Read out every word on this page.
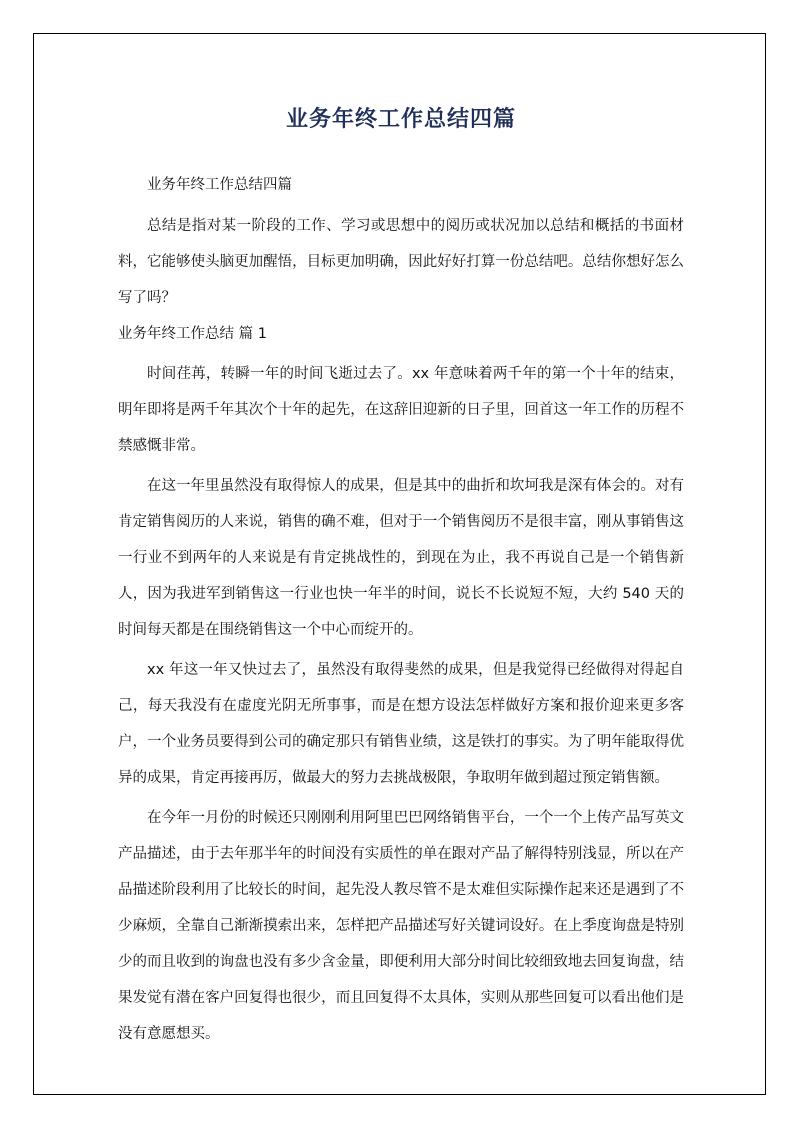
业务年终工作总结四篇

业务年终工作总结四篇

总结是指对某一阶段的工作、学习或思想中的阅历或状况加以总结和概括的书面材料，它能够使头脑更加醒悟，目标更加明确，因此好好打算一份总结吧。总结你想好怎么写了吗？

业务年终工作总结 篇 1

时间荏苒，转瞬一年的时间飞逝过去了。xx 年意味着两千年的第一个十年的结束，明年即将是两千年其次个十年的起先，在这辞旧迎新的日子里，回首这一年工作的历程不禁感慨非常。

在这一年里虽然没有取得惊人的成果，但是其中的曲折和坎坷我是深有体会的。对有肯定销售阅历的人来说，销售的确不难，但对于一个销售阅历不是很丰富，刚从事销售这一行业不到两年的人来说是有肯定挑战性的，到现在为止，我不再说自己是一个销售新人，因为我进军到销售这一行业也快一年半的时间，说长不长说短不短，大约 540 天的时间每天都是在围绕销售这一个中心而绽开的。

xx 年这一年又快过去了，虽然没有取得斐然的成果，但是我觉得已经做得对得起自己，每天我没有在虚度光阴无所事事，而是在想方设法怎样做好方案和报价迎来更多客户，一个业务员要得到公司的确定那只有销售业绩，这是铁打的事实。为了明年能取得优异的成果，肯定再接再厉，做最大的努力去挑战极限，争取明年做到超过预定销售额。

在今年一月份的时候还只刚刚利用阿里巴巴网络销售平台，一个一个上传产品写英文产品描述，由于去年那半年的时间没有实质性的单在跟对产品了解得特别浅显，所以在产品描述阶段利用了比较长的时间，起先没人教尽管不是太难但实际操作起来还是遇到了不少麻烦，全靠自己渐渐摸索出来，怎样把产品描述写好关键词设好。在上季度询盘是特别少的而且收到的询盘也没有多少含金量，即便利用大部分时间比较细致地去回复询盘，结果发觉有潜在客户回复得也很少，而且回复得不太具体，实则从那些回复可以看出他们是没有意愿想买。
